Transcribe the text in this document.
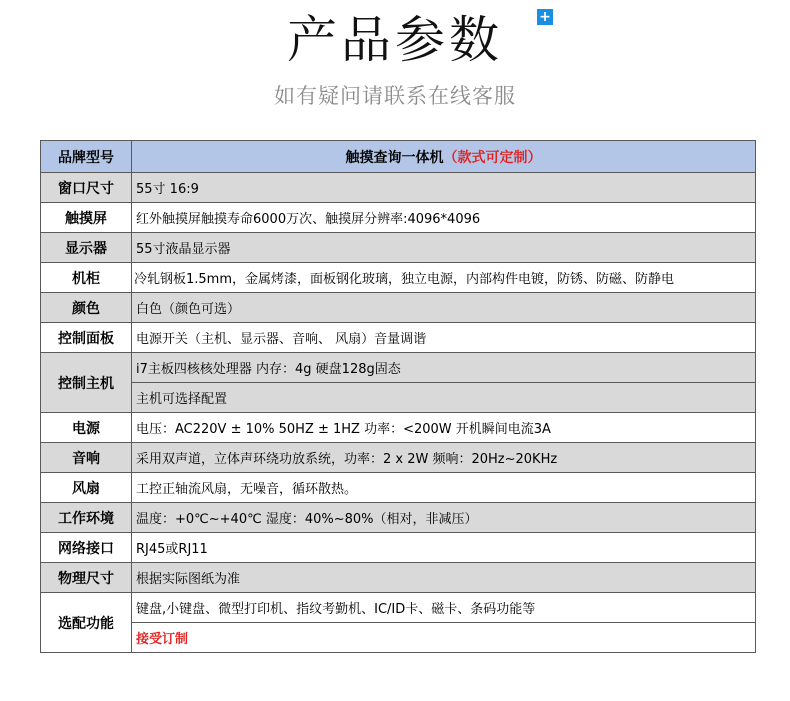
产品参数	+
如有疑问请联系在线客服
品牌型号	触摸查询一体机（款式可定制）
窗口尺寸	55寸 16:9
触摸屏	红外触摸屏触摸寿命6000万次、触摸屏分辨率:4096*4096
显示器	55寸液晶显示器
机柜	冷轧钢板1.5mm，金属烤漆，面板钢化玻璃，独立电源，内部构件电镀，防锈、防磁、防静电
颜色	白色（颜色可选）
控制面板	电源开关（主机、显示器、音响、 风扇）音量调谐
控制主机	i7主板四核核处理器 内存：4g 硬盘128g固态
	主机可选择配置
电源	电压：AC220V ± 10% 50HZ ± 1HZ 功率：<200W 开机瞬间电流3A
音响	采用双声道，立体声环绕功放系统，功率：2 x 2W 频响：20Hz~20KHz
风扇	工控正轴流风扇，无噪音，循环散热。
工作环境	温度：+0℃~+40℃ 湿度：40%~80%（相对，非减压）
网络接口	RJ45或RJ11
物理尺寸	根据实际图纸为准
选配功能	键盘,小键盘、微型打印机、指纹考勤机、IC/ID卡、磁卡、条码功能等
	接受订制
